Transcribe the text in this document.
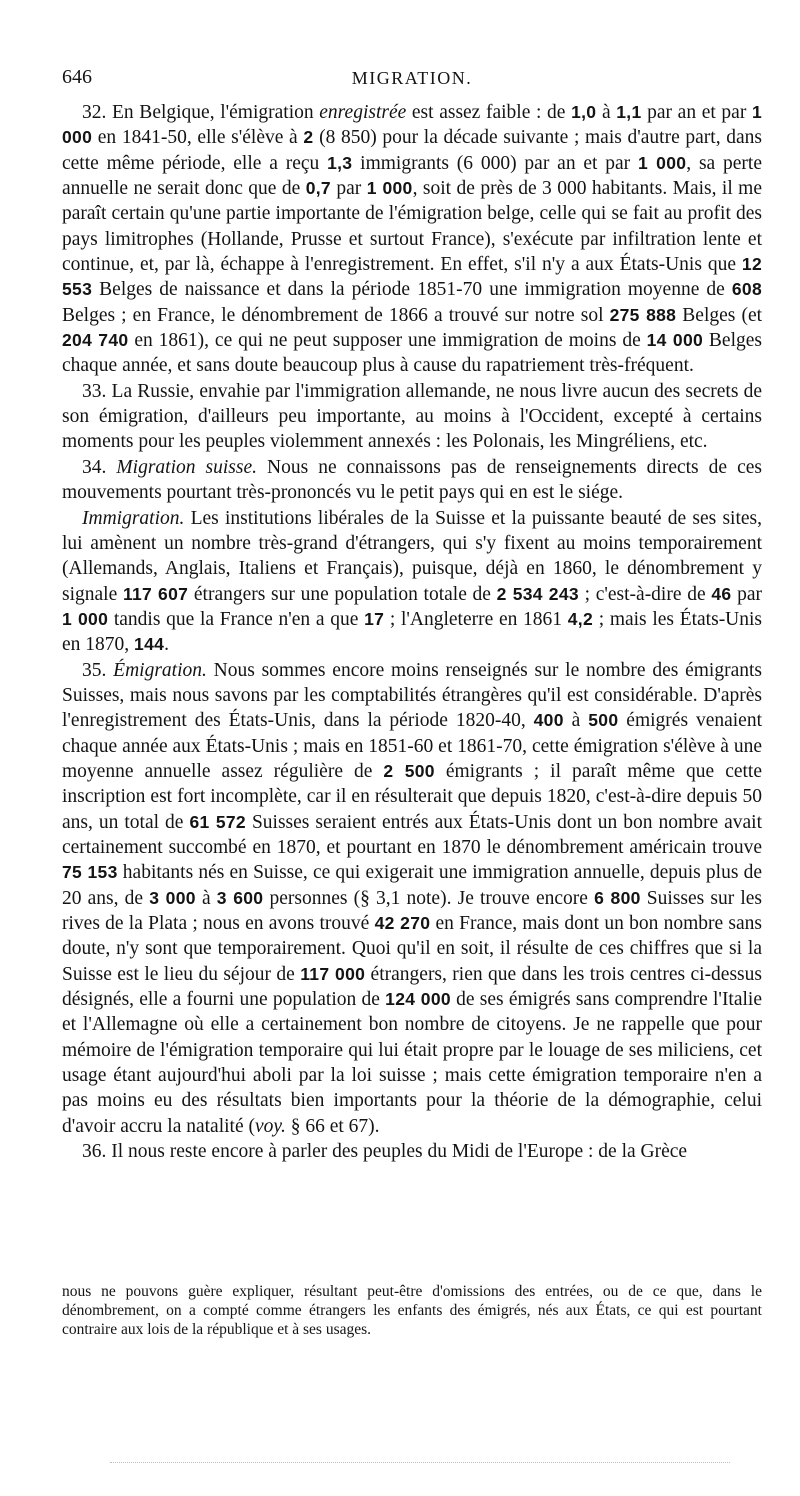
646	MIGRATION.

32. En Belgique, l'émigration enregistrée est assez faible : de 1,0 à 1,1 par an et par 1 000 en 1841-50, elle s'élève à 2 (8 850) pour la décade suivante ; mais d'autre part, dans cette même période, elle a reçu 1,3 immigrants (6 000) par an et par 1 000, sa perte annuelle ne serait donc que de 0,7 par 1 000, soit de près de 3 000 habitants. Mais, il me paraît certain qu'une partie importante de l'émigration belge, celle qui se fait au profit des pays limitrophes (Hollande, Prusse et surtout France), s'exécute par infiltration lente et continue, et, par là, échappe à l'enregistrement. En effet, s'il n'y a aux États-Unis que 12 553 Belges de naissance et dans la période 1851-70 une immigration moyenne de 608 Belges ; en France, le dénombrement de 1866 a trouvé sur notre sol 275 888 Belges (et 204 740 en 1861), ce qui ne peut supposer une immigration de moins de 14 000 Belges chaque année, et sans doute beaucoup plus à cause du rapatriement très-fréquent.

33. La Russie, envahie par l'immigration allemande, ne nous livre aucun des secrets de son émigration, d'ailleurs peu importante, au moins à l'Occident, excepté à certains moments pour les peuples violemment annexés : les Polonais, les Mingréliens, etc.

34. Migration suisse. Nous ne connaissons pas de renseignements directs de ces mouvements pourtant très-prononcés vu le petit pays qui en est le siége.

Immigration. Les institutions libérales de la Suisse et la puissante beauté de ses sites, lui amènent un nombre très-grand d'étrangers, qui s'y fixent au moins temporairement (Allemands, Anglais, Italiens et Français), puisque, déjà en 1860, le dénombrement y signale 117 607 étrangers sur une population totale de 2 534 243 ; c'est-à-dire de 46 par 1 000 tandis que la France n'en a que 17 ; l'Angleterre en 1861 4,2 ; mais les États-Unis en 1870, 144.

35. Émigration. Nous sommes encore moins renseignés sur le nombre des émigrants Suisses, mais nous savons par les comptabilités étrangères qu'il est considérable. D'après l'enregistrement des États-Unis, dans la période 1820-40, 400 à 500 émigrés venaient chaque année aux États-Unis ; mais en 1851-60 et 1861-70, cette émigration s'élève à une moyenne annuelle assez régulière de 2 500 émigrants ; il paraît même que cette inscription est fort incomplète, car il en résulterait que depuis 1820, c'est-à-dire depuis 50 ans, un total de 61 572 Suisses seraient entrés aux États-Unis dont un bon nombre avait certainement succombé en 1870, et pourtant en 1870 le dénombrement américain trouve 75 153 habitants nés en Suisse, ce qui exigerait une immigration annuelle, depuis plus de 20 ans, de 3 000 à 3 600 personnes (§ 3,1 note). Je trouve encore 6 800 Suisses sur les rives de la Plata ; nous en avons trouvé 42 270 en France, mais dont un bon nombre sans doute, n'y sont que temporairement. Quoi qu'il en soit, il résulte de ces chiffres que si la Suisse est le lieu du séjour de 117 000 étrangers, rien que dans les trois centres ci-dessus désignés, elle a fourni une population de 124 000 de ses émigrés sans comprendre l'Italie et l'Allemagne où elle a certainement bon nombre de citoyens. Je ne rappelle que pour mémoire de l'émigration temporaire qui lui était propre par le louage de ses miliciens, cet usage étant aujourd'hui aboli par la loi suisse ; mais cette émigration temporaire n'en a pas moins eu des résultats bien importants pour la théorie de la démographie, celui d'avoir accru la natalité (voy. § 66 et 67).

36. Il nous reste encore à parler des peuples du Midi de l'Europe : de la Grèce

nous ne pouvons guère expliquer, résultant peut-être d'omissions des entrées, ou de ce que, dans le dénombrement, on a compté comme étrangers les enfants des émigrés, nés aux États, ce qui est pourtant contraire aux lois de la république et à ses usages.
